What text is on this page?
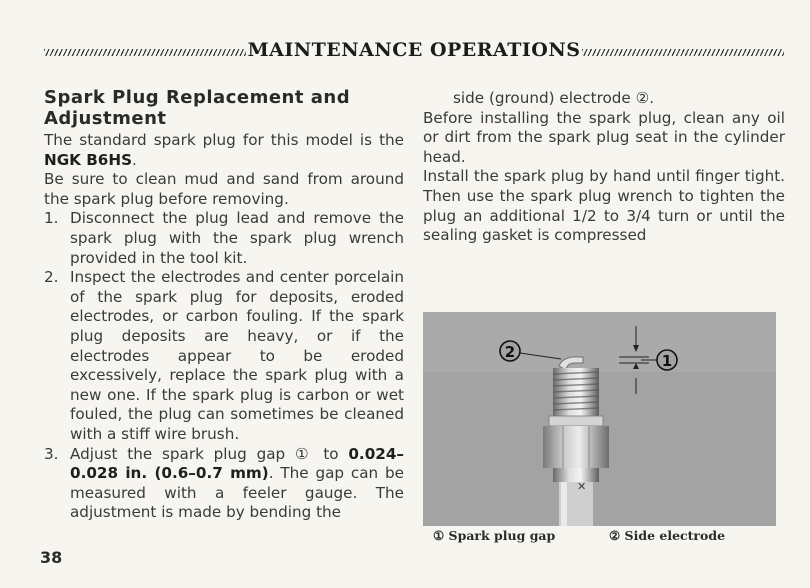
MAINTENANCE OPERATIONS
Spark Plug Replacement and Adjustment

The standard spark plug for this model is the NGK B6HS.

Be sure to clean mud and sand from around the spark plug before removing.

1. Disconnect the plug lead and remove the spark plug with the spark plug wrench provided in the tool kit.
2. Inspect the electrodes and center porcelain of the spark plug for deposits, eroded electrodes, or carbon fouling. If the spark plug deposits are heavy, or if the electrodes appear to be eroded excessively, replace the spark plug with a new one. If the spark plug is carbon or wet fouled, the plug can sometimes be cleaned with a stiff wire brush.
3. Adjust the spark plug gap ① to 0.024–0.028 in. (0.6–0.7 mm). The gap can be measured with a feeler gauge. The adjustment is made by bending the

side (ground) electrode ②.

Before installing the spark plug, clean any oil or dirt from the spark plug seat in the cylinder head.

Install the spark plug by hand until finger tight. Then use the spark plug wrench to tighten the plug an additional 1/2 to 3/4 turn or until the sealing gasket is compressed

✕
2	1
① Spark plug gap	② Side electrode
38
